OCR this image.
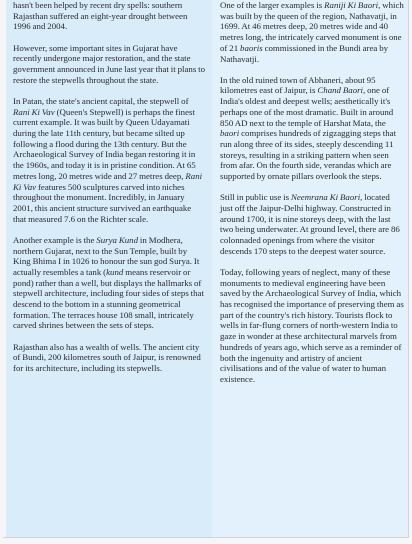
hasn't been helped by recent dry spells: southern Rajasthan suffered an eight-year drought between 1996 and 2004.

However, some important sites in Gujarat have recently undergone major restoration, and the state government announced in June last year that it plans to restore the stepwells throughout the state.

In Patan, the state's ancient capital, the stepwell of Rani Ki Vav (Queen's Stepwell) is perhaps the finest current example. It was built by Queen Udayamati during the late 11th century, but became silted up following a flood during the 13th century. But the Archaeological Survey of India began restoring it in the 1960s, and today it is in pristine condition. At 65 metres long, 20 metres wide and 27 metres deep, Rani Ki Vav features 500 sculptures carved into niches throughout the monument. Incredibly, in January 2001, this ancient structure survived an earthquake that measured 7.6 on the Richter scale.

Another example is the Surya Kund in Modhera, northern Gujarat, next to the Sun Temple, built by King Bhima I in 1026 to honour the sun god Surya. It actually resembles a tank (kund means reservoir or pond) rather than a well, but displays the hallmarks of stepwell architecture, including four sides of steps that descend to the bottom in a stunning geometrical formation. The terraces house 108 small, intricately carved shrines between the sets of steps.

Rajasthan also has a wealth of wells. The ancient city of Bundi, 200 kilometres south of Jaipur, is renowned for its architecture, including its stepwells.

One of the larger examples is Raniji Ki Baori, which was built by the queen of the region, Nathavatji, in 1699. At 46 metres deep, 20 metres wide and 40 metres long, the intricately carved monument is one of 21 baoris commissioned in the Bundi area by Nathavatji.

In the old ruined town of Abhaneri, about 95 kilometres east of Jaipur, is Chand Baori, one of India's oldest and deepest wells; aesthetically it's perhaps one of the most dramatic. Built in around 850 AD next to the temple of Harshat Mata, the baori comprises hundreds of zigzagging steps that run along three of its sides, steeply descending 11 storeys, resulting in a striking pattern when seen from afar. On the fourth side, verandas which are supported by ornate pillars overlook the steps.

Still in public use is Neemrana Ki Baori, located just off the Jaipur-Delhi highway. Constructed in around 1700, it is nine storeys deep, with the last two being underwater. At ground level, there are 86 colonnaded openings from where the visitor descends 170 steps to the deepest water source.

Today, following years of neglect, many of these monuments to medieval engineering have been saved by the Archaeological Survey of India, which has recognised the importance of preserving them as part of the country's rich history. Tourists flock to wells in far-flung corners of north-western India to gaze in wonder at these architectural marvels from hundreds of years ago, which serve as a reminder of both the ingenuity and artistry of ancient civilisations and of the value of water to human existence.
